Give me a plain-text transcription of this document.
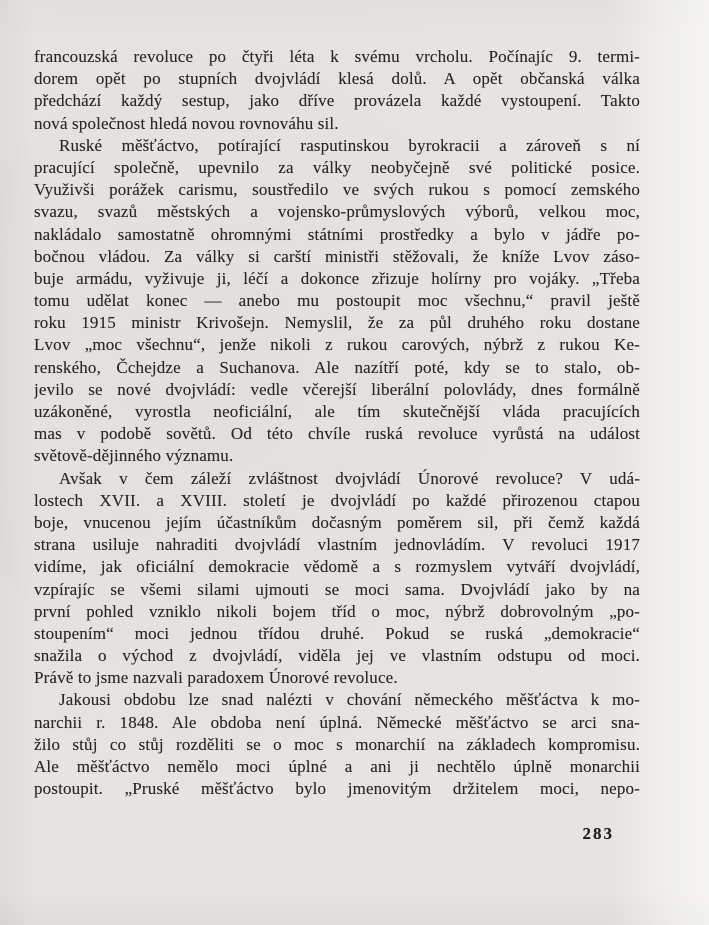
francouzská revoluce po čtyři léta k svému vrcholu. Počínajíc 9. termi-
dorem opět po stupních dvojvládí klesá dolů. A opět občanská válka
předchází každý sestup, jako dříve provázela každé vystoupení. Takto
nová společnost hledá novou rovnováhu sil.
Ruské měšťáctvo, potírající rasputinskou byrokracii a zároveň s ní
pracující společně, upevnilo za války neobyčejně své politické posice.
Využivši porážek carismu, soustředilo ve svých rukou s pomocí zemského
svazu, svazů městských a vojensko-průmyslových výborů, velkou moc,
nakládalo samostatně ohromnými státními prostředky a bylo v jádře po-
bočnou vládou. Za války si carští ministři stěžovali, že kníže Lvov záso-
buje armádu, vyživuje ji, léčí a dokonce zřizuje holírny pro vojáky. „Třeba
tomu udělat konec — anebo mu postoupit moc všechnu,“ pravil ještě
roku 1915 ministr Krivošejn. Nemyslil, že za půl druhého roku dostane
Lvov „moc všechnu“, jenže nikoli z rukou carových, nýbrž z rukou Ke-
renského, Čchejdze a Suchanova. Ale nazítří poté, kdy se to stalo, ob-
jevilo se nové dvojvládí: vedle včerejší liberální polovlády, dnes formálně
uzákoněné, vyrostla neoficiální, ale tím skutečnější vláda pracujících
mas v podobě sovětů. Od této chvíle ruská revoluce vyrůstá na událost
světově-dějinného významu.
Avšak v čem záleží zvláštnost dvojvládí Únorové revoluce? V udá-
lostech XVII. a XVIII. století je dvojvládí po každé přirozenou ctapou
boje, vnucenou jejím účastníkům dočasným poměrem sil, při čemž každá
strana usiluje nahraditi dvojvládí vlastním jednovládím. V revoluci 1917
vidíme, jak oficiální demokracie vědomě a s rozmyslem vytváří dvojvládí,
vzpírajíc se všemi silami ujmouti se moci sama. Dvojvládí jako by na
první pohled vzniklo nikoli bojem tříd o moc, nýbrž dobrovolným „po-
stoupením“ moci jednou třídou druhé. Pokud se ruská „demokracie“
snažila o východ z dvojvládí, viděla jej ve vlastním odstupu od moci.
Právě to jsme nazvali paradoxem Únorové revoluce.
Jakousi obdobu lze snad nalézti v chování německého měšťáctva k mo-
narchii r. 1848. Ale obdoba není úplná. Německé měšťáctvo se arci sna-
žilo stůj co stůj rozděliti se o moc s monarchií na základech kompromisu.
Ale měšťáctvo nemělo moci úplné a ani ji nechtělo úplně monarchii
postoupit. „Pruské měšťáctvo bylo jmenovitým držitelem moci, nepo-
283
